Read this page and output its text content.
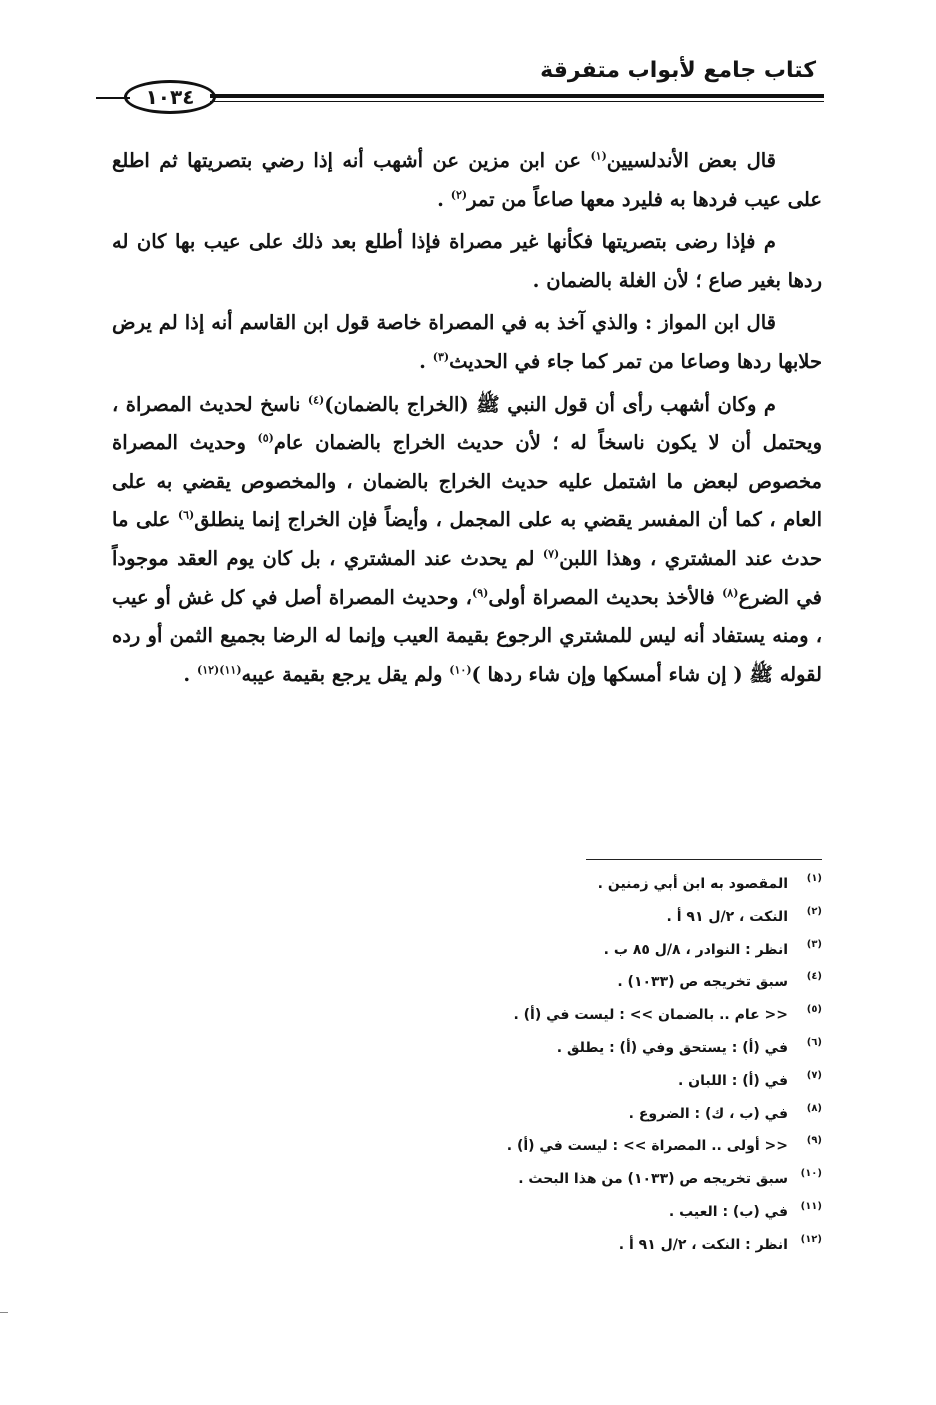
كتاب جامع لأبواب متفرقة
١٠٣٤

قال بعض الأندلسيين$^{(١)}$ عن ابن مزين عن أشهب أنه إذا رضي بتصريتها ثم اطلع على عيب فردها به فليرد معها صاعاً من تمر$^{(٢)}$ .

م فإذا رضى بتصريتها فكأنها غير مصراة فإذا أطلع بعد ذلك على عيب بها كان له ردها بغير صاع ؛ لأن الغلة بالضمان .

قال ابن المواز : والذي آخذ به في المصراة خاصة قول ابن القاسم أنه إذا لم يرض حلابها ردها وصاعا من تمر كما جاء في الحديث$^{(٣)}$ .

م وكان أشهب رأى أن قول النبي ﷺ (الخراج بالضمان)$^{(٤)}$ ناسخ لحديث المصراة ، ويحتمل أن لا يكون ناسخاً له ؛ لأن حديث الخراج بالضمان عام$^{(٥)}$ وحديث المصراة مخصوص لبعض ما اشتمل عليه حديث الخراج بالضمان ، والمخصوص يقضي به على العام ، كما أن المفسر يقضي به على المجمل ، وأيضاً فإن الخراج إنما ينطلق$^{(٦)}$ على ما حدث عند المشتري ، وهذا اللبن$^{(٧)}$ لم يحدث عند المشتري ، بل كان يوم العقد موجوداً في الضرع$^{(٨)}$ فالأخذ بحديث المصراة أولى$^{(٩)}$، وحديث المصراة أصل في كل غش أو عيب ، ومنه يستفاد أنه ليس للمشتري الرجوع بقيمة العيب وإنما له الرضا بجميع الثمن أو رده لقوله ﷺ ( إن شاء أمسكها وإن شاء ردها )$^{(١٠)}$ ولم يقل يرجع بقيمة عيبه$^{(١١)(١٢)}$ .

(١)المقصود به ابن أبي زمنين .
(٢)النكت ، ٢/ل ٩١ أ .
(٣)انظر : النوادر ، ٨/ل ٨٥ ب .
(٤)سبق تخريجه ص (١٠٣٣) .
(٥)<< عام .. بالضمان >> : ليست في (أ) .
(٦)في (أ) : يستحق وفي (أ) : يطلق .
(٧)في (أ) : اللبان .
(٨)في (ب ، ك) : الضروع .
(٩)<< أولى .. المصراة >> : ليست في (أ) .
(١٠)سبق تخريجه ص (١٠٣٣) من هذا البحث .
(١١)في (ب) : العيب .
(١٢)انظر : النكت ، ٢/ل ٩١ أ .
